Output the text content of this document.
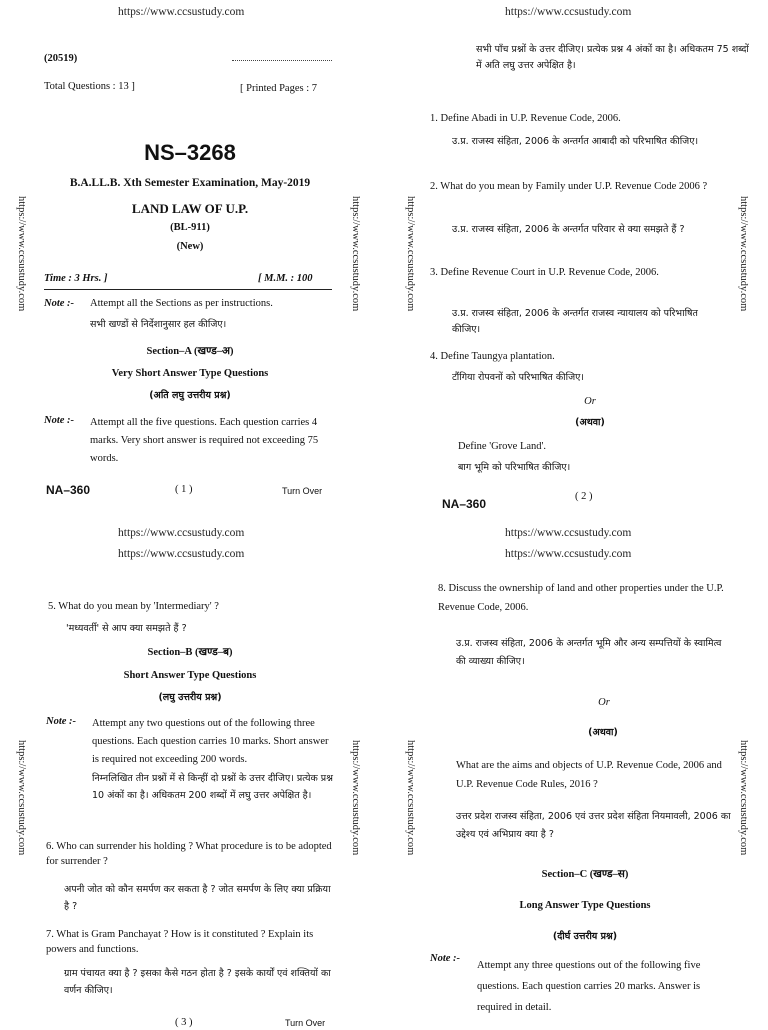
https://www.ccsustudy.com	https://www.ccsustudy.com
https://www.ccsustudy.com	https://www.ccsustudy.com	https://www.ccsustudy.com	https://www.ccsustudy.com
https://www.ccsustudy.com	https://www.ccsustudy.com	https://www.ccsustudy.com	https://www.ccsustudy.com
(20519)
Total Questions : 13 ]	[ Printed Pages : 7
NS–3268
B.A.LL.B. Xth Semester Examination, May-2019
LAND LAW OF U.P.
(BL-911)
(New)
Time : 3 Hrs. ]	[ M.M. : 100
Note :- Attempt all the Sections as per instructions.
सभी खण्डों से निर्देशानुसार हल कीजिए।
Section–A (खण्ड–अ)
Very Short Answer Type Questions
(अति लघु उत्तरीय प्रश्न)
Note :- Attempt all the five questions. Each question carries 4 marks. Very short answer is required not exceeding 75 words.
NA–360	( 1 )	Turn Over
सभी पाँच प्रश्नों के उत्तर दीजिए। प्रत्येक प्रश्न 4 अंकों का है। अधिकतम 75 शब्दों में अति लघु उत्तर अपेक्षित है।
1. Define Abadi in U.P. Revenue Code, 2006.
उ.प्र. राजस्व संहिता, 2006 के अन्तर्गत आबादी को परिभाषित कीजिए।
2. What do you mean by Family under U.P. Revenue Code 2006 ?
उ.प्र. राजस्व संहिता, 2006 के अन्तर्गत परिवार से क्या समझते हैं ?
3. Define Revenue Court in U.P. Revenue Code, 2006.
उ.प्र. राजस्व संहिता, 2006 के अन्तर्गत राजस्व न्यायालय को परिभाषित कीजिए।
4. Define Taungya plantation.
टौंगिया रोपवनों को परिभाषित कीजिए।
Or
(अथवा)
Define 'Grove Land'.
बाग भूमि को परिभाषित कीजिए।
NA–360
( 2 )
https://www.ccsustudy.com
https://www.ccsustudy.com
https://www.ccsustudy.com
https://www.ccsustudy.com
5. What do you mean by 'Intermediary' ?
'मध्यवर्ती' से आप क्या समझते हैं ?
Section–B (खण्ड–ब)
Short Answer Type Questions
(लघु उत्तरीय प्रश्न)
Note :- Attempt any two questions out of the following three questions. Each question carries 10 marks. Short answer is required not exceeding 200 words.
निम्नलिखित तीन प्रश्नों में से किन्हीं दो प्रश्नों के उत्तर दीजिए। प्रत्येक प्रश्न 10 अंकों का है। अधिकतम 200 शब्दों में लघु उत्तर अपेक्षित है।
6. Who can surrender his holding ? What procedure is to be adopted for surrender ?
अपनी जोत को कौन समर्पण कर सकता है ? जोत समर्पण के लिए क्या प्रक्रिया है ?
7. What is Gram Panchayat ? How is it constituted ? Explain its powers and functions.
ग्राम पंचायत क्या है ? इसका कैसे गठन होता है ? इसके कार्यों एवं शक्तियों का वर्णन कीजिए।
( 3 )	Turn Over
8. Discuss the ownership of land and other properties under the U.P. Revenue Code, 2006.
उ.प्र. राजस्व संहिता, 2006 के अन्तर्गत भूमि और अन्य सम्पत्तियों के स्वामित्व की व्याख्या कीजिए।
Or
(अथवा)
What are the aims and objects of U.P. Revenue Code, 2006 and U.P. Revenue Code Rules, 2016 ?
उत्तर प्रदेश राजस्व संहिता, 2006 एवं उत्तर प्रदेश संहिता नियमावली, 2006 का उद्देश्य एवं अभिप्राय क्या है ?
Section–C (खण्ड–स)
Long Answer Type Questions
(दीर्घ उत्तरीय प्रश्न)
Note :-
Attempt any three questions out of the following five questions. Each question carries 20 marks. Answer is required in detail.
